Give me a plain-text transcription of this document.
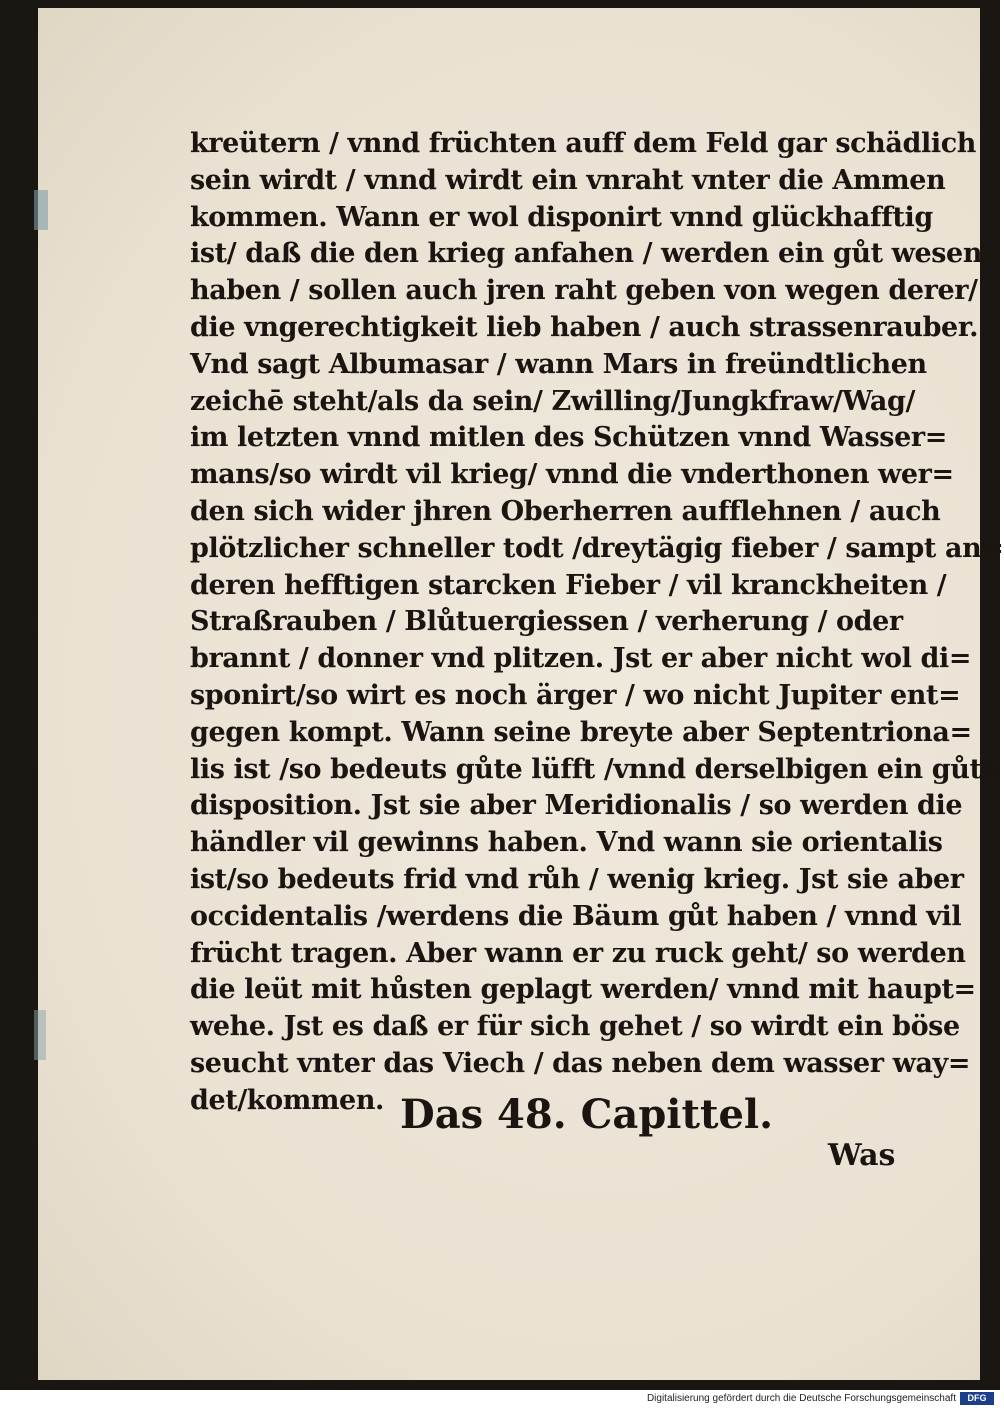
kreütern / vnnd früchten auff dem Feld gar schädlich
sein wirdt / vnnd wirdt ein vnraht vnter die Ammen
kommen. Wann er wol disponirt vnnd glückhafftig
ist/ daß die den krieg anfahen / werden ein gůt wesen
haben / sollen auch jren raht geben von wegen derer/
die vngerechtigkeit lieb haben / auch strassenrauber.
Vnd sagt Albumasar / wann Mars in freündtlichen
zeichē steht/als da sein/ Zwilling/Jungkfraw/Wag/
im letzten vnnd mitlen des Schützen vnnd Wasser=
mans/so wirdt vil krieg/ vnnd die vnderthonen wer=
den sich wider jhren Oberherren aufflehnen / auch
plötzlicher schneller todt /dreytägig fieber / sampt an=
deren hefftigen starcken Fieber / vil kranckheiten /
Straßrauben / Blůtuergiessen / verherung / oder
brannt / donner vnd plitzen. Jst er aber nicht wol di=
sponirt/so wirt es noch ärger / wo nicht Jupiter ent=
gegen kompt. Wann seine breyte aber Septentriona=
lis ist /so bedeuts gůte lüfft /vnnd derselbigen ein gůte
disposition. Jst sie aber Meridionalis / so werden die
händler vil gewinns haben. Vnd wann sie orientalis
ist/so bedeuts frid vnd růh / wenig krieg. Jst sie aber
occidentalis /werdens die Bäum gůt haben / vnnd vil
frücht tragen. Aber wann er zu ruck geht/ so werden
die leüt mit hůsten geplagt werden/ vnnd mit haupt=
wehe. Jst es daß er für sich gehet / so wirdt ein böse
seucht vnter das Viech / das neben dem wasser way=
det/kommen. Das 48. Capittel.
Was
Digitalisierung gefördert durch die Deutsche Forschungsgemeinschaft	DFG
